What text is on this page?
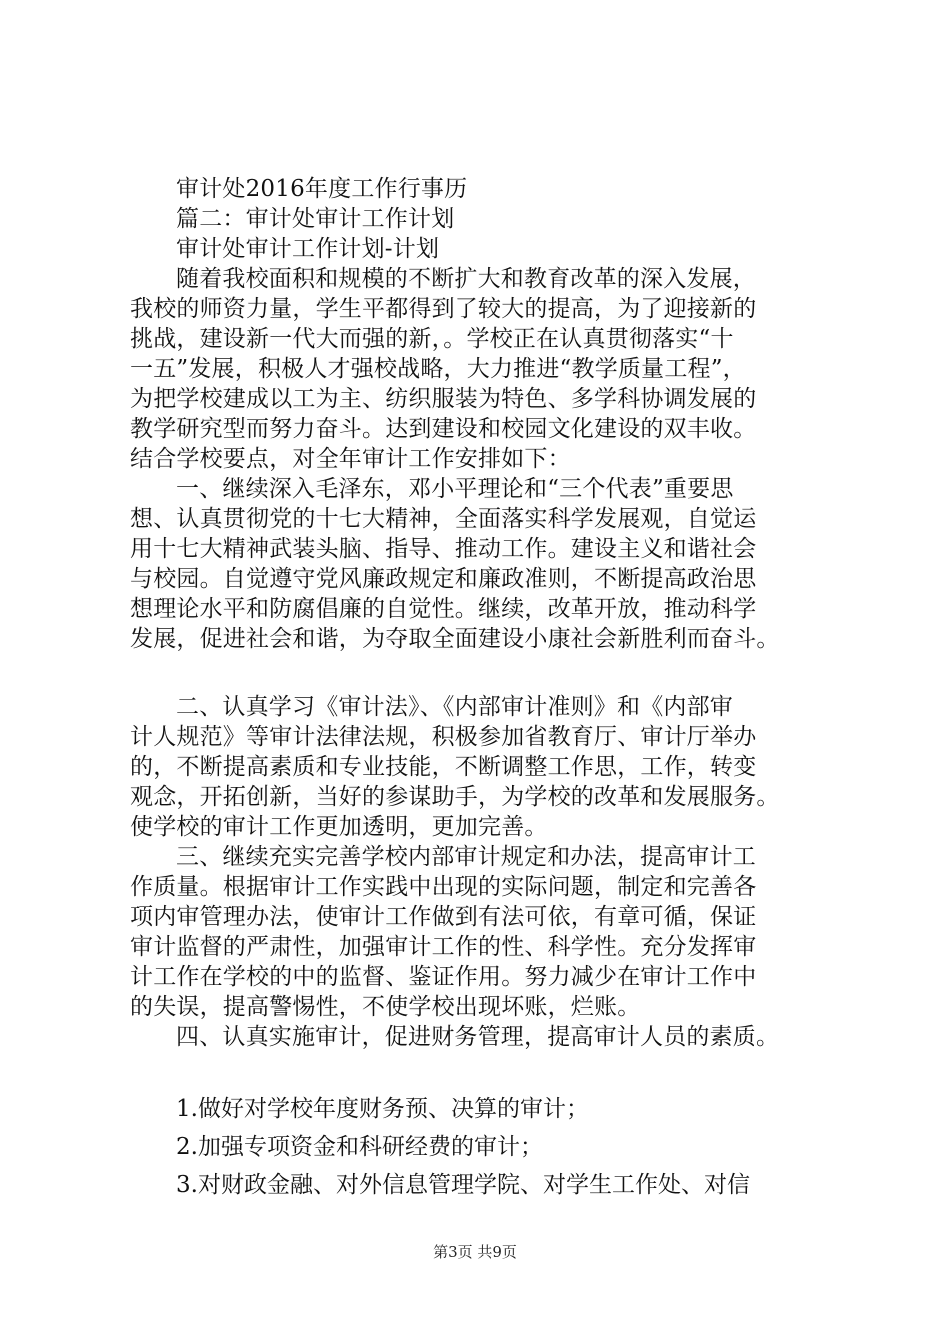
审计处2016年度工作行事历
篇二：审计处审计工作计划
审计处审计工作计划-计划
随着我校面积和规模的不断扩大和教育改革的深入发展，
我校的师资力量，学生平都得到了较大的提高，为了迎接新的
挑战，建设新一代大而强的新，。学校正在认真贯彻落实“十
一五”发展，积极人才强校战略，大力推进“教学质量工程”，
为把学校建成以工为主、纺织服装为特色、多学科协调发展的
教学研究型而努力奋斗。达到建设和校园文化建设的双丰收。
结合学校要点，对全年审计工作安排如下：
一、继续深入毛泽东，邓小平理论和“三个代表”重要思
想、认真贯彻党的十七大精神，全面落实科学发展观，自觉运
用十七大精神武装头脑、指导、推动工作。建设主义和谐社会
与校园。自觉遵守党风廉政规定和廉政准则，不断提高政治思
想理论水平和防腐倡廉的自觉性。继续，改革开放，推动科学
发展，促进社会和谐，为夺取全面建设小康社会新胜利而奋斗。
二、认真学习《审计法》、《内部审计准则》和《内部审
计人规范》等审计法律法规，积极参加省教育厅、审计厅举办
的，不断提高素质和专业技能，不断调整工作思，工作，转变
观念，开拓创新，当好的参谋助手，为学校的改革和发展服务。
使学校的审计工作更加透明，更加完善。
三、继续充实完善学校内部审计规定和办法，提高审计工
作质量。根据审计工作实践中出现的实际问题，制定和完善各
项内审管理办法，使审计工作做到有法可依，有章可循，保证
审计监督的严肃性，加强审计工作的性、科学性。充分发挥审
计工作在学校的中的监督、鉴证作用。努力减少在审计工作中
的失误，提高警惕性，不使学校出现坏账，烂账。
四、认真实施审计，促进财务管理，提高审计人员的素质。
1.做好对学校年度财务预、决算的审计；
2.加强专项资金和科研经费的审计；
3.对财政金融、对外信息管理学院、对学生工作处、对信
第3页 共9页
